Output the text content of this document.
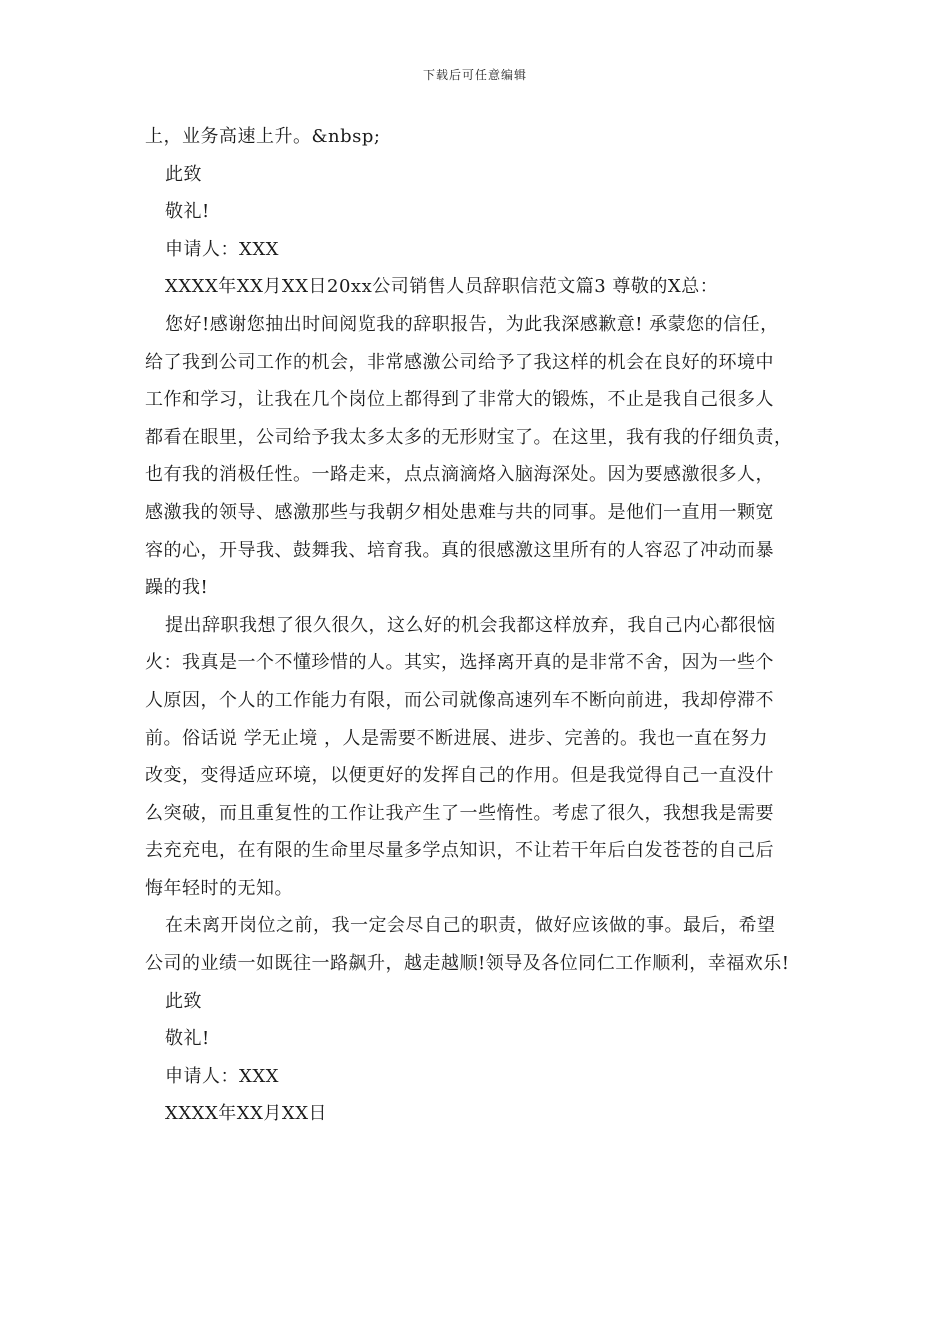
下载后可任意编辑
上，业务高速上升。&nbsp;
此致
敬礼!
申请人：XXX
XXXX年XX月XX日20xx公司销售人员辞职信范文篇3 尊敬的X总：
您好!感谢您抽出时间阅览我的辞职报告，为此我深感歉意! 承蒙您的信任，
给了我到公司工作的机会，非常感激公司给予了我这样的机会在良好的环境中
工作和学习，让我在几个岗位上都得到了非常大的锻炼，不止是我自己很多人
都看在眼里，公司给予我太多太多的无形财宝了。在这里，我有我的仔细负责，
也有我的消极任性。一路走来，点点滴滴烙入脑海深处。因为要感激很多人，
感激我的领导、感激那些与我朝夕相处患难与共的同事。是他们一直用一颗宽
容的心，开导我、鼓舞我、培育我。真的很感激这里所有的人容忍了冲动而暴
躁的我!
提出辞职我想了很久很久，这么好的机会我都这样放弃，我自己内心都很恼
火：我真是一个不懂珍惜的人。其实，选择离开真的是非常不舍，因为一些个
人原因，个人的工作能力有限，而公司就像高速列车不断向前进，我却停滞不
前。俗话说 学无止境 ，人是需要不断进展、进步、完善的。我也一直在努力
改变，变得适应环境，以便更好的发挥自己的作用。但是我觉得自己一直没什
么突破，而且重复性的工作让我产生了一些惰性。考虑了很久，我想我是需要
去充充电，在有限的生命里尽量多学点知识，不让若干年后白发苍苍的自己后
悔年轻时的无知。
在未离开岗位之前，我一定会尽自己的职责，做好应该做的事。最后，希望
公司的业绩一如既往一路飙升，越走越顺!领导及各位同仁工作顺利，幸福欢乐!
此致
敬礼!
申请人：XXX
XXXX年XX月XX日
